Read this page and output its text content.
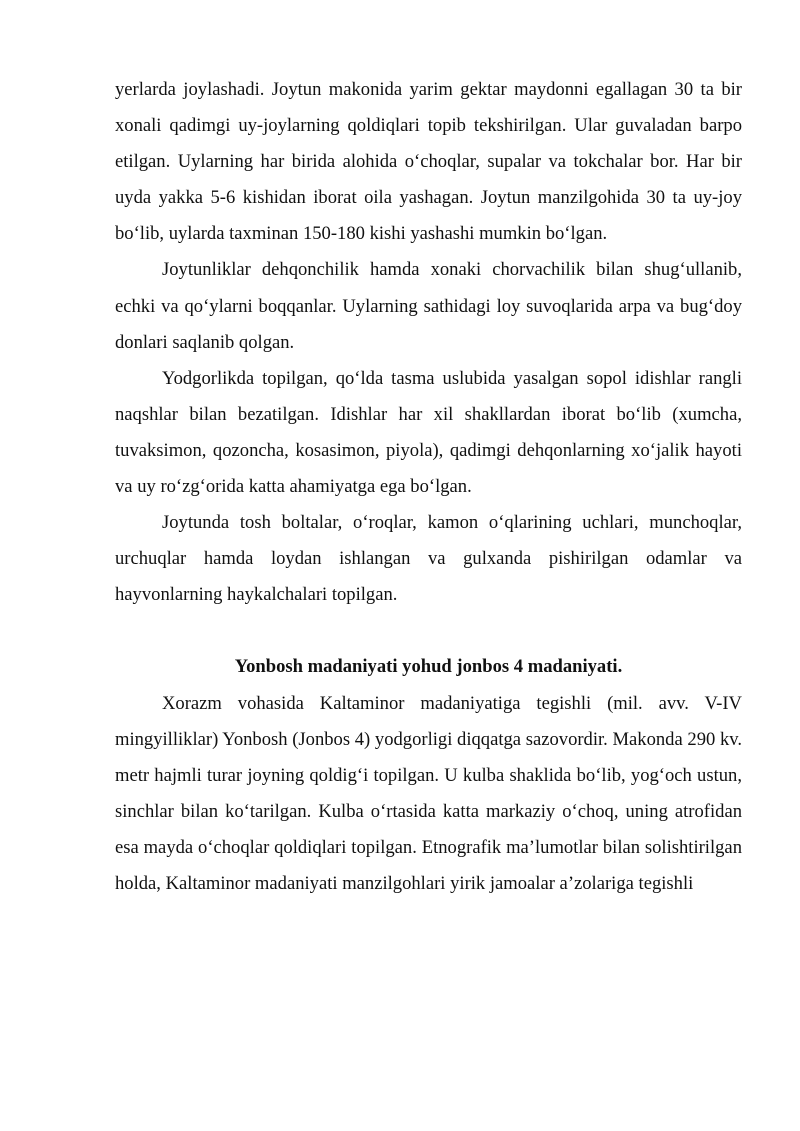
yerlarda joylashadi. Joytun makonida yarim gektar maydonni egallagan 30 ta bir xonali qadimgi uy-joylarning qoldiqlari topib tekshirilgan. Ular guvaladan barpo etilgan. Uylarning har birida alohida o‘choqlar, supalar va tokchalar bor. Har bir uyda yakka 5-6 kishidan iborat oila yashagan. Joytun manzilgohida 30 ta uy-joy bo‘lib, uylarda taxminan 150-180 kishi yashashi mumkin bo‘lgan.

Joytunliklar dehqonchilik hamda xonaki chorvachilik bilan shug‘ullanib, echki va qo‘ylarni boqqanlar. Uylarning sathidagi loy suvoqlarida arpa va bug‘doy donlari saqlanib qolgan.

Yodgorlikda topilgan, qo‘lda tasma uslubida yasalgan sopol idishlar rangli naqshlar bilan bezatilgan. Idishlar har xil shakllardan iborat bo‘lib (xumcha, tuvaksimon, qozoncha, kosasimon, piyola), qadimgi dehqonlarning xo‘jalik hayoti va uy ro‘zg‘orida katta ahamiyatga ega bo‘lgan.

Joytunda tosh boltalar, o‘roqlar, kamon o‘qlarining uchlari, munchoqlar, urchuqlar hamda loydan ishlangan va gulxanda pishirilgan odamlar va hayvonlarning haykalchalari topilgan.

Yonbosh madaniyati yohud jonbos 4 madaniyati.

Xorazm vohasida Kaltaminor madaniyatiga tegishli (mil. avv. V-IV mingyilliklar) Yonbosh (Jonbos 4) yodgorligi diqqatga sazovordir. Makonda 290 kv. metr hajmli turar joyning qoldig‘i topilgan. U kulba shaklida bo‘lib, yog‘och ustun, sinchlar bilan ko‘tarilgan. Kulba o‘rtasida katta markaziy o‘choq, uning atrofidan esa mayda o‘choqlar qoldiqlari topilgan. Etnografik ma’lumotlar bilan solishtirilgan holda, Kaltaminor madaniyati manzilgohlari yirik jamoalar a’zolariga tegishli
